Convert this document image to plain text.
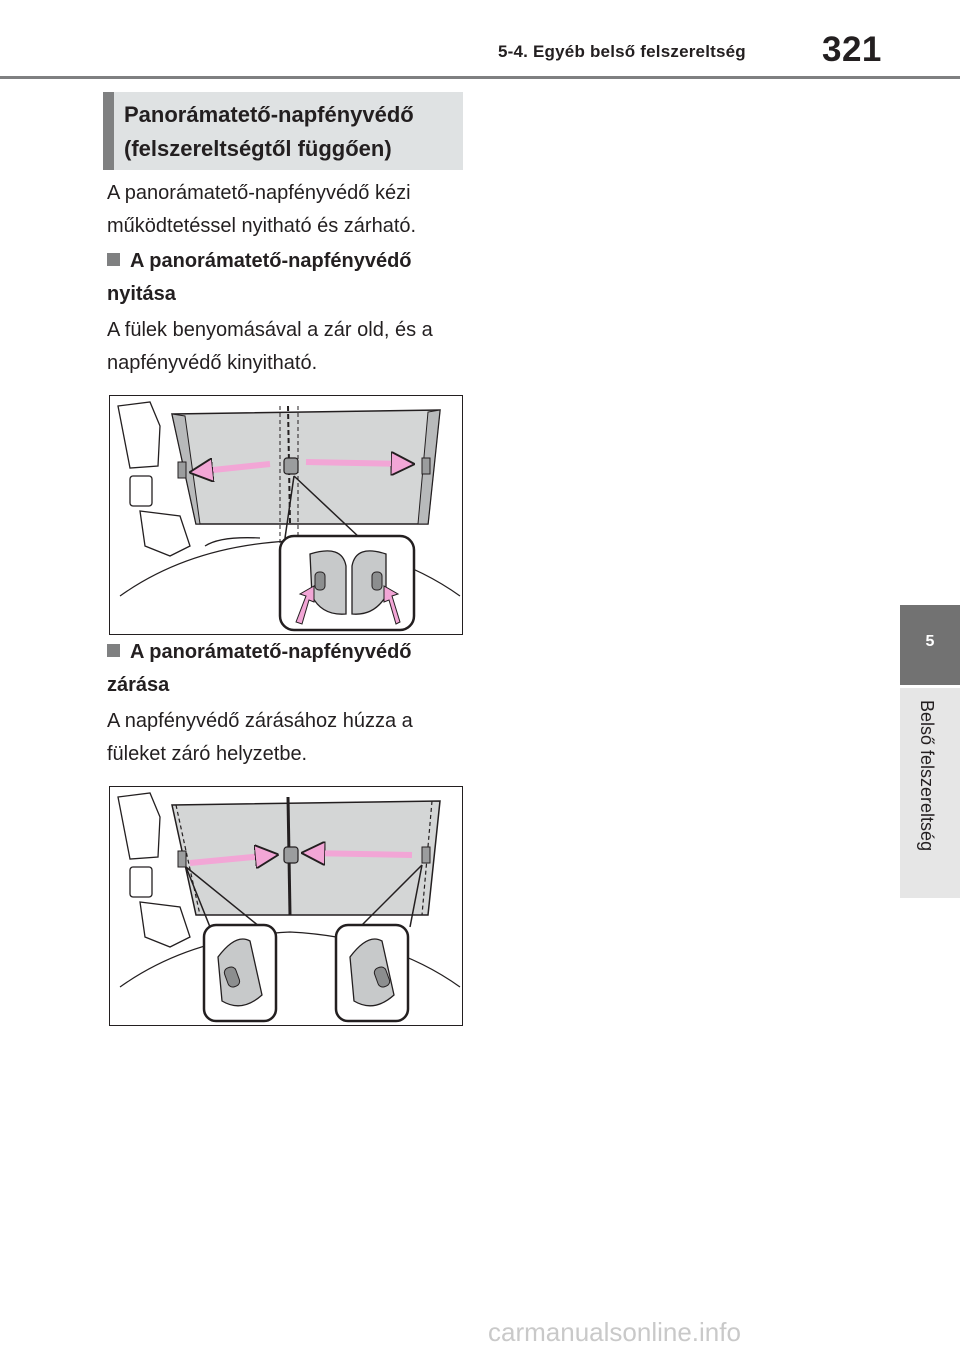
5-4. Egyéb belső felszereltség	321
5
Belső felszereltség
Panorámatető-napfényvédő (felszereltségtől függően)
A panorámatető-napfényvédő kézi működtetéssel nyitható és zárható.
A panorámatető-napfényvédő nyitása
A fülek benyomásával a zár old, és a napfényvédő kinyitható.
A panorámatető-napfényvédő zárása
A napfényvédő zárásához húzza a füleket záró helyzetbe.
carmanualsonline.info
